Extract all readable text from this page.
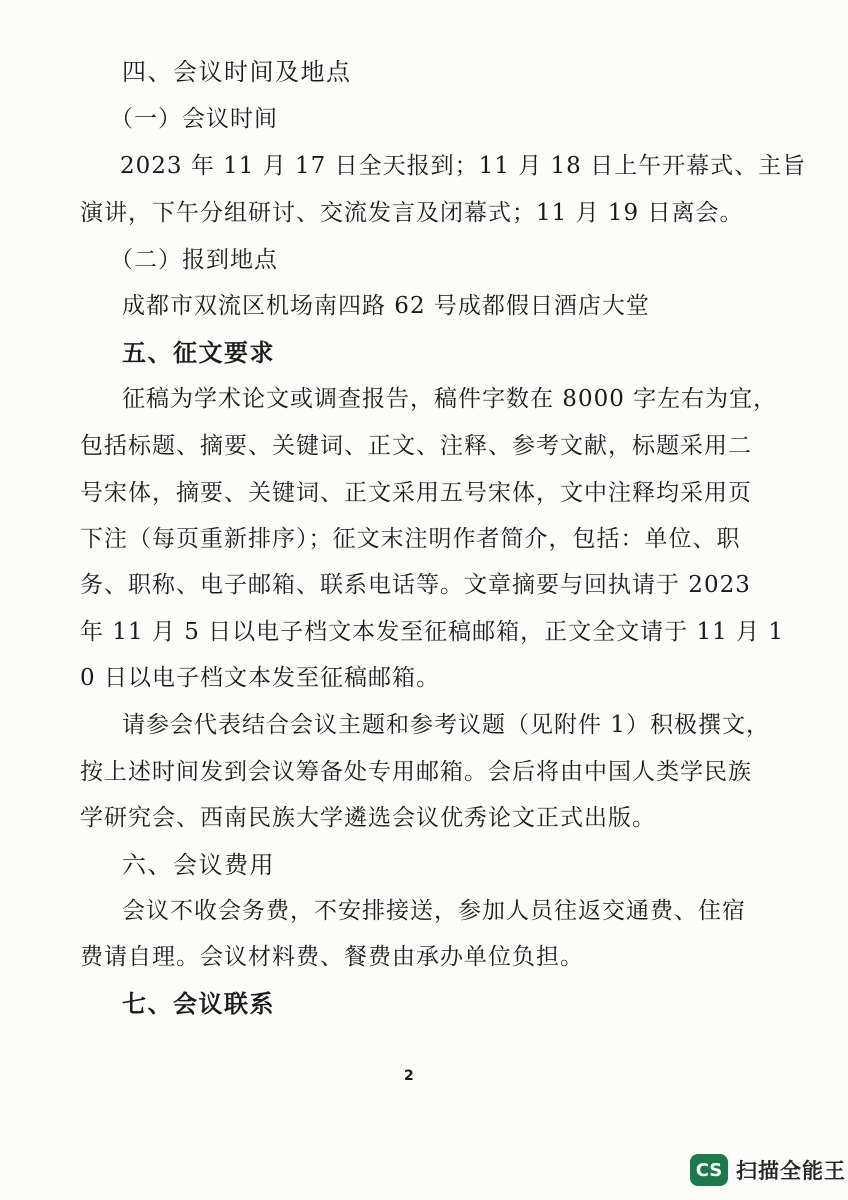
四、会议时间及地点
（一）会议时间
2023 年 11 月 17 日全天报到；11 月 18 日上午开幕式、主旨
演讲，下午分组研讨、交流发言及闭幕式；11 月 19 日离会。
（二）报到地点
成都市双流区机场南四路 62 号成都假日酒店大堂
五、征文要求
征稿为学术论文或调查报告，稿件字数在 8000 字左右为宜，
包括标题、摘要、关键词、正文、注释、参考文献，标题采用二
号宋体，摘要、关键词、正文采用五号宋体，文中注释均采用页
下注（每页重新排序）；征文末注明作者简介，包括：单位、职
务、职称、电子邮箱、联系电话等。文章摘要与回执请于 2023
年 11 月 5 日以电子档文本发至征稿邮箱，正文全文请于 11 月 1
0 日以电子档文本发至征稿邮箱。
请参会代表结合会议主题和参考议题（见附件 1）积极撰文，
按上述时间发到会议筹备处专用邮箱。会后将由中国人类学民族
学研究会、西南民族大学遴选会议优秀论文正式出版。
六、会议费用
会议不收会务费，不安排接送，参加人员往返交通费、住宿
费请自理。会议材料费、餐费由承办单位负担。
七、会议联系
2
CS 扫描全能王
